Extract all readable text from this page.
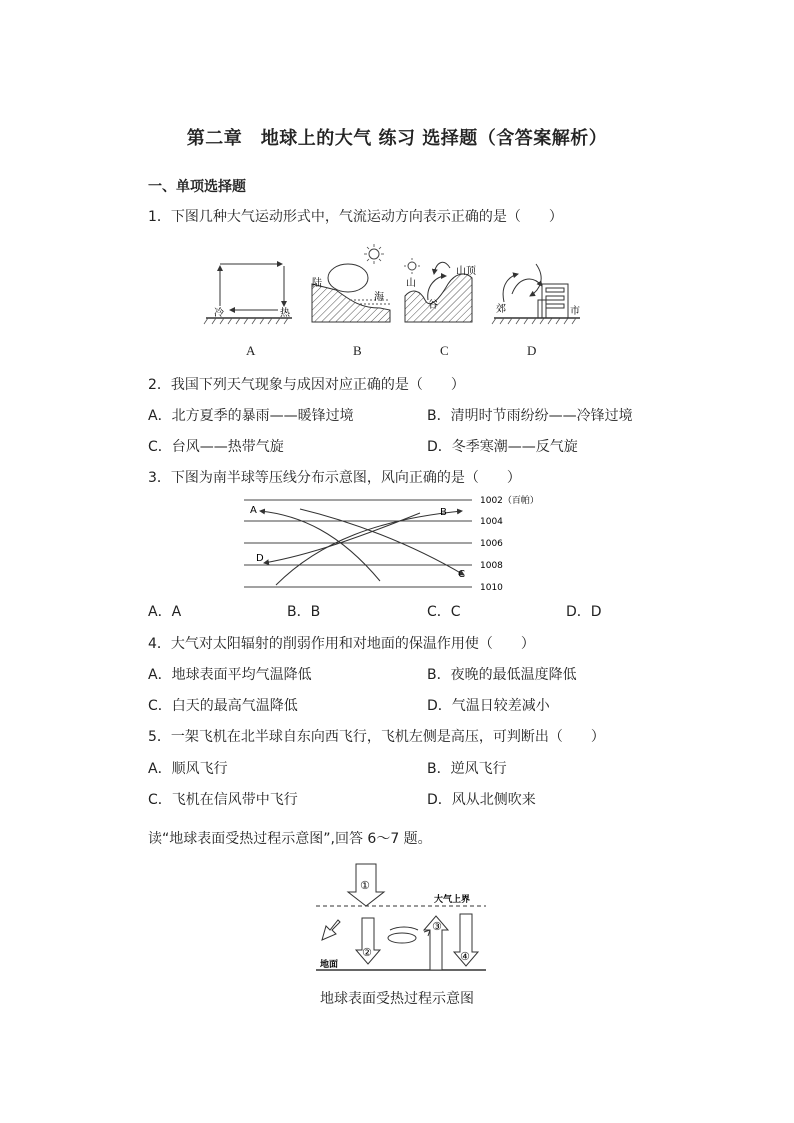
第二章　地球上的大气 练习 选择题（含答案解析）
一、单项选择题
1．下图几种大气运动形式中，气流运动方向表示正确的是（　　）
冷	热
陆
海
山
谷
山顶
郊	市
A	B	C	D
2．我国下列天气现象与成因对应正确的是（　　）
A．北方夏季的暴雨——暖锋过境	B．清明时节雨纷纷——冷锋过境
C．台风——热带气旋	D．冬季寒潮——反气旋
3．下图为南半球等压线分布示意图，风向正确的是（　　）
1002（百帕）
1004
1006
1008
1010
A	B
C
D
A．A	B．B	C．C	D．D
4．大气对太阳辐射的削弱作用和对地面的保温作用使（　　）
A．地球表面平均气温降低	B．夜晚的最低温度降低
C．白天的最高气温降低	D．气温日较差减小
5．一架飞机在北半球自东向西飞行，飞机左侧是高压，可判断出（　　）
A．顺风飞行	B．逆风飞行
C．飞机在信风带中飞行	D．风从北侧吹来
读“地球表面受热过程示意图”,回答 6～7 题。
大气上界
地面
①
②
③
④
地球表面受热过程示意图
